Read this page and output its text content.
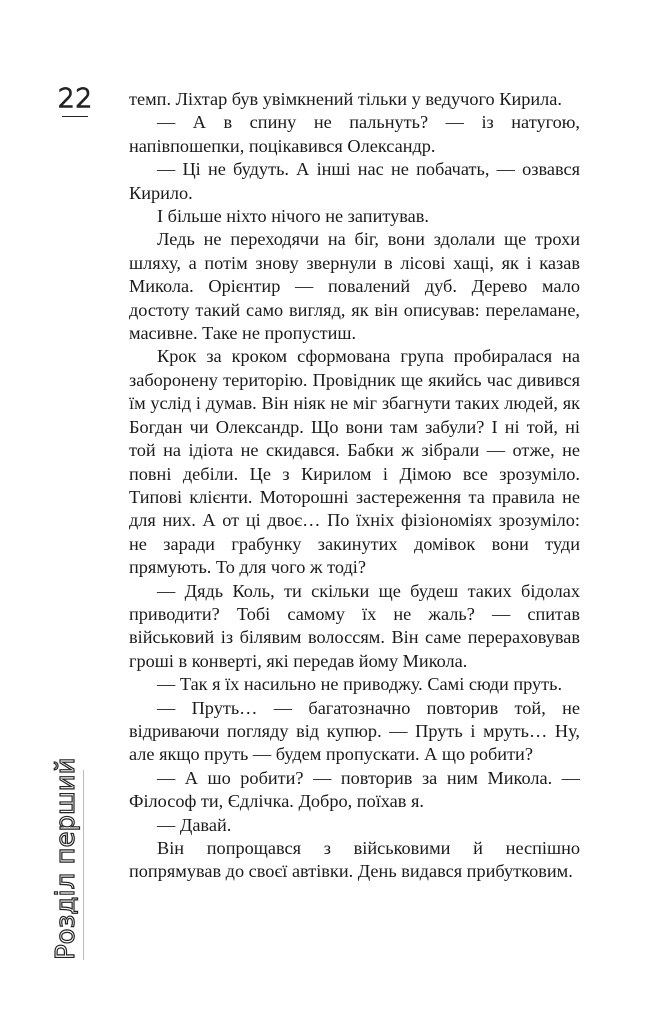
22
Розділ перший

темп. Ліхтар був увімкнений тільки у ведучого Кирила.

— А в спину не пальнуть? — із натугою, напівпошепки, поцікавився Олександр.

— Ці не будуть. А інші нас не побачать, — озвався Кирило.

І більше ніхто нічого не запитував.

Ледь не переходячи на біг, вони здолали ще трохи шляху, а потім знову звернули в лісові хащі, як і казав Микола. Орієнтир — повалений дуб. Дерево мало достоту такий само вигляд, як він описував: переламане, масивне. Таке не пропустиш.

Крок за кроком сформована група пробиралася на заборонену територію. Провідник ще якийсь час дивився їм услід і думав. Він ніяк не міг збагнути таких людей, як Богдан чи Олександр. Що вони там забули? І ні той, ні той на ідіота не скидався. Бабки ж зібрали — отже, не повні дебіли. Це з Кирилом і Дімою все зрозуміло. Типові клієнти. Моторошні застереження та правила не для них. А от ці двоє… По їхніх фізіономіях зрозуміло: не заради грабунку закинутих домівок вони туди прямують. То для чого ж тоді?

— Дядь Коль, ти скільки ще будеш таких бідолах приводити? Тобі самому їх не жаль? — спитав військовий із білявим волоссям. Він саме перераховував гроші в конверті, які передав йому Микола.

— Так я їх насильно не приводжу. Самі сюди пруть.

— Пруть… — багатозначно повторив той, не відриваючи погляду від купюр. — Пруть і мруть… Ну, але якщо пруть — будем пропускати. А що робити?

— А шо робити? — повторив за ним Микола. — Філософ ти, Єдлічка. Добро, поїхав я.

— Давай.

Він попрощався з військовими й неспішно попрямував до своєї автівки. День видався прибутковим.
